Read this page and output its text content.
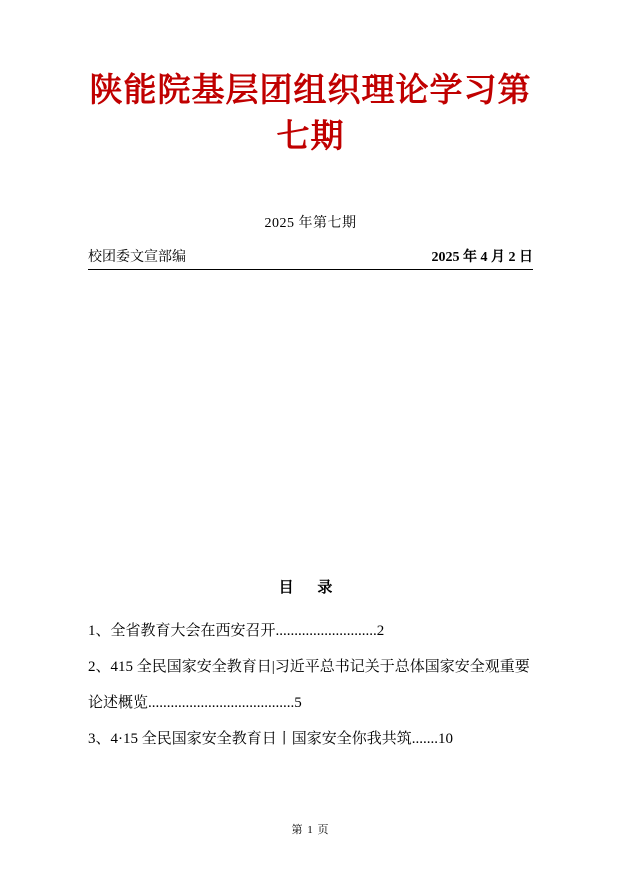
陕能院基层团组织理论学习第七期
2025 年第七期
校团委文宣部编	2025 年 4 月 2 日
目 录
1、全省教育大会在西安召开...........................2
2、415 全民国家安全教育日|习近平总书记关于总体国家安全观重要论述概览.......................................5
3、4·15 全民国家安全教育日丨国家安全你我共筑.......10
第 1 页
